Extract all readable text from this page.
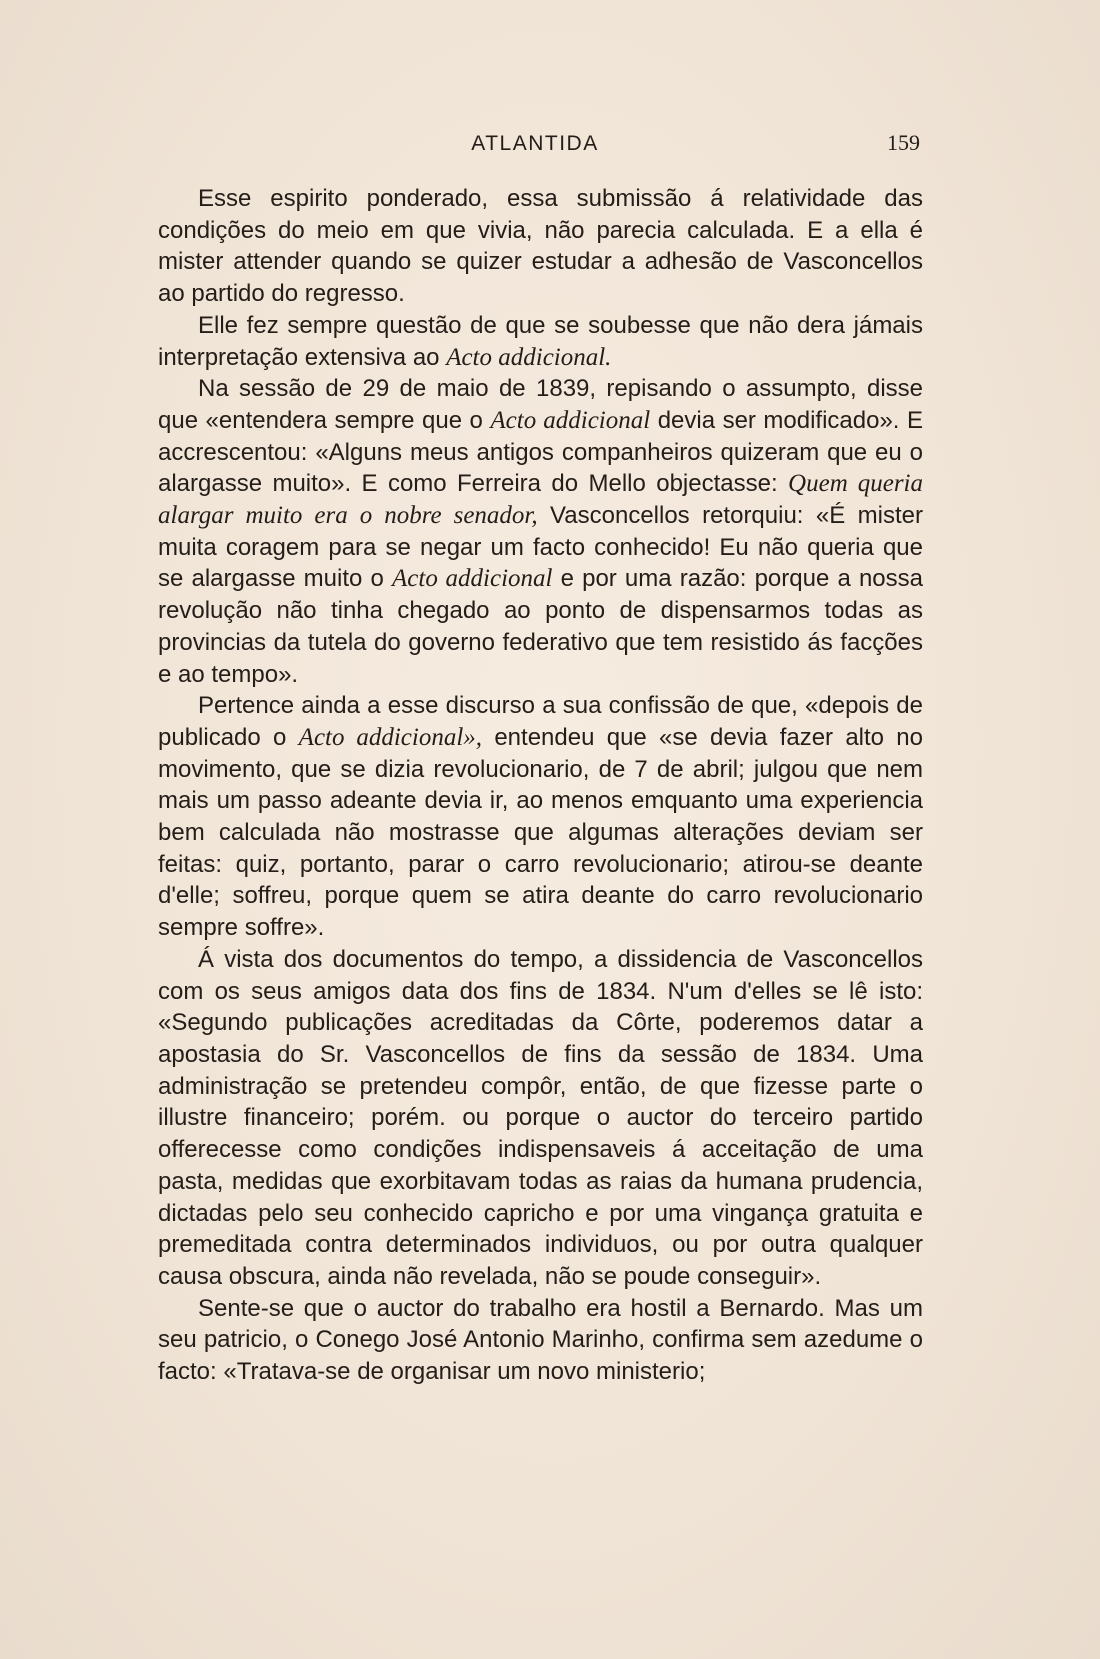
ATLANTIDA	159

Esse espirito ponderado, essa submissão á relatividade das condições do meio em que vivia, não parecia calculada. E a ella é mister attender quando se quizer estudar a adhesão de Vasconcellos ao partido do regresso.

Elle fez sempre questão de que se soubesse que não dera jámais interpretação extensiva ao Acto addicional.

Na sessão de 29 de maio de 1839, repisando o assumpto, disse que «entendera sempre que o Acto addicional devia ser modificado». E accrescentou: «Alguns meus antigos companheiros quizeram que eu o alargasse muito». E como Ferreira do Mello objectasse: Quem queria alargar muito era o nobre senador, Vasconcellos retorquiu: «É mister muita coragem para se negar um facto conhecido! Eu não queria que se alargasse muito o Acto addicional e por uma razão: porque a nossa revolução não tinha chegado ao ponto de dispensarmos todas as provincias da tutela do governo federativo que tem resistido ás facções e ao tempo».

Pertence ainda a esse discurso a sua confissão de que, «depois de publicado o Acto addicional», entendeu que «se devia fazer alto no movimento, que se dizia revolucionario, de 7 de abril; julgou que nem mais um passo adeante devia ir, ao menos emquanto uma experiencia bem calculada não mostrasse que algumas alterações deviam ser feitas: quiz, portanto, parar o carro revolucionario; atirou-se deante d'elle; soffreu, porque quem se atira deante do carro revolucionario sempre soffre».

Á vista dos documentos do tempo, a dissidencia de Vasconcellos com os seus amigos data dos fins de 1834. N'um d'elles se lê isto: «Segundo publicações acreditadas da Côrte, poderemos datar a apostasia do Sr. Vasconcellos de fins da sessão de 1834. Uma administração se pretendeu compôr, então, de que fizesse parte o illustre financeiro; porém. ou porque o auctor do terceiro partido offerecesse como condições indispensaveis á acceitação de uma pasta, medidas que exorbitavam todas as raias da humana prudencia, dictadas pelo seu conhecido capricho e por uma vingança gratuita e premeditada contra determinados individuos, ou por outra qualquer causa obscura, ainda não revelada, não se poude conseguir».

Sente-se que o auctor do trabalho era hostil a Bernardo. Mas um seu patricio, o Conego José Antonio Marinho, confirma sem azedume o facto: «Tratava-se de organisar um novo ministerio;
